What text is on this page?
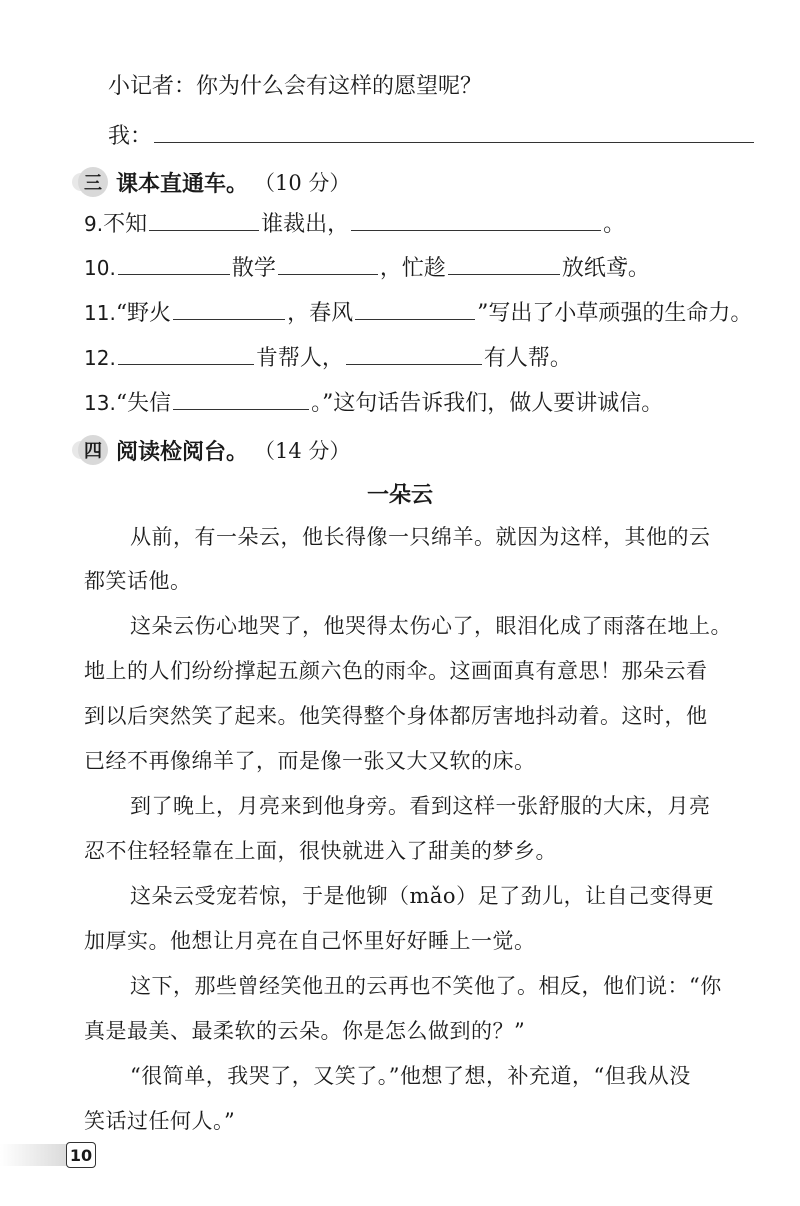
小记者：你为什么会有这样的愿望呢？
我：
三 课本直通车。 （10 分）
9.不知	谁裁出，	。
10.	散学	，忙趁	放纸鸢。
11.“野火	，春风	”写出了小草顽强的生命力。
12.	肯帮人，	有人帮。
13.“失信	。”这句话告诉我们，做人要讲诚信。
四 阅读检阅台。 （14 分）
一朵云
从前，有一朵云，他长得像一只绵羊。就因为这样，其他的云
都笑话他。
这朵云伤心地哭了，他哭得太伤心了，眼泪化成了雨落在地上。
地上的人们纷纷撑起五颜六色的雨伞。这画面真有意思！那朵云看
到以后突然笑了起来。他笑得整个身体都厉害地抖动着。这时，他
已经不再像绵羊了，而是像一张又大又软的床。
到了晚上，月亮来到他身旁。看到这样一张舒服的大床，月亮
忍不住轻轻靠在上面，很快就进入了甜美的梦乡。
这朵云受宠若惊，于是他铆（mǎo）足了劲儿，让自己变得更
加厚实。他想让月亮在自己怀里好好睡上一觉。
这下，那些曾经笑他丑的云再也不笑他了。相反，他们说：“你
真是最美、最柔软的云朵。你是怎么做到的？”
“很简单，我哭了，又笑了。”他想了想，补充道，“但我从没
笑话过任何人。”
10
